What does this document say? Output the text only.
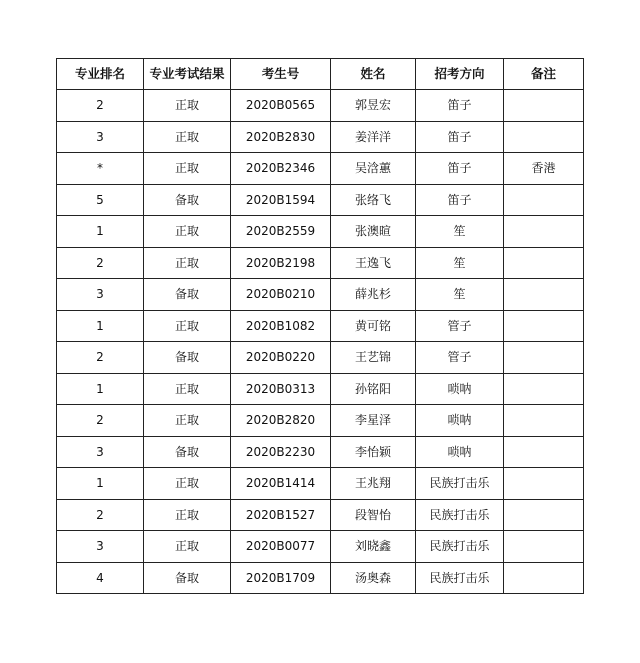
专业排名	专业考试结果	考生号	姓名	招考方向	备注
2	正取	2020B0565	郭昱宏	笛子	
3	正取	2020B2830	姜洋洋	笛子	
*	正取	2020B2346	吴浛蕙	笛子	香港
5	备取	2020B1594	张络飞	笛子	
1	正取	2020B2559	张澳暄	笙	
2	正取	2020B2198	王逸飞	笙	
3	备取	2020B0210	薛兆杉	笙	
1	正取	2020B1082	黄可铭	管子	
2	备取	2020B0220	王艺锦	管子	
1	正取	2020B0313	孙铭阳	唢呐	
2	正取	2020B2820	李星泽	唢呐	
3	备取	2020B2230	李怡颖	唢呐	
1	正取	2020B1414	王兆翔	民族打击乐	
2	正取	2020B1527	段智怡	民族打击乐	
3	正取	2020B0077	刘晓鑫	民族打击乐	
4	备取	2020B1709	汤奥森	民族打击乐	
